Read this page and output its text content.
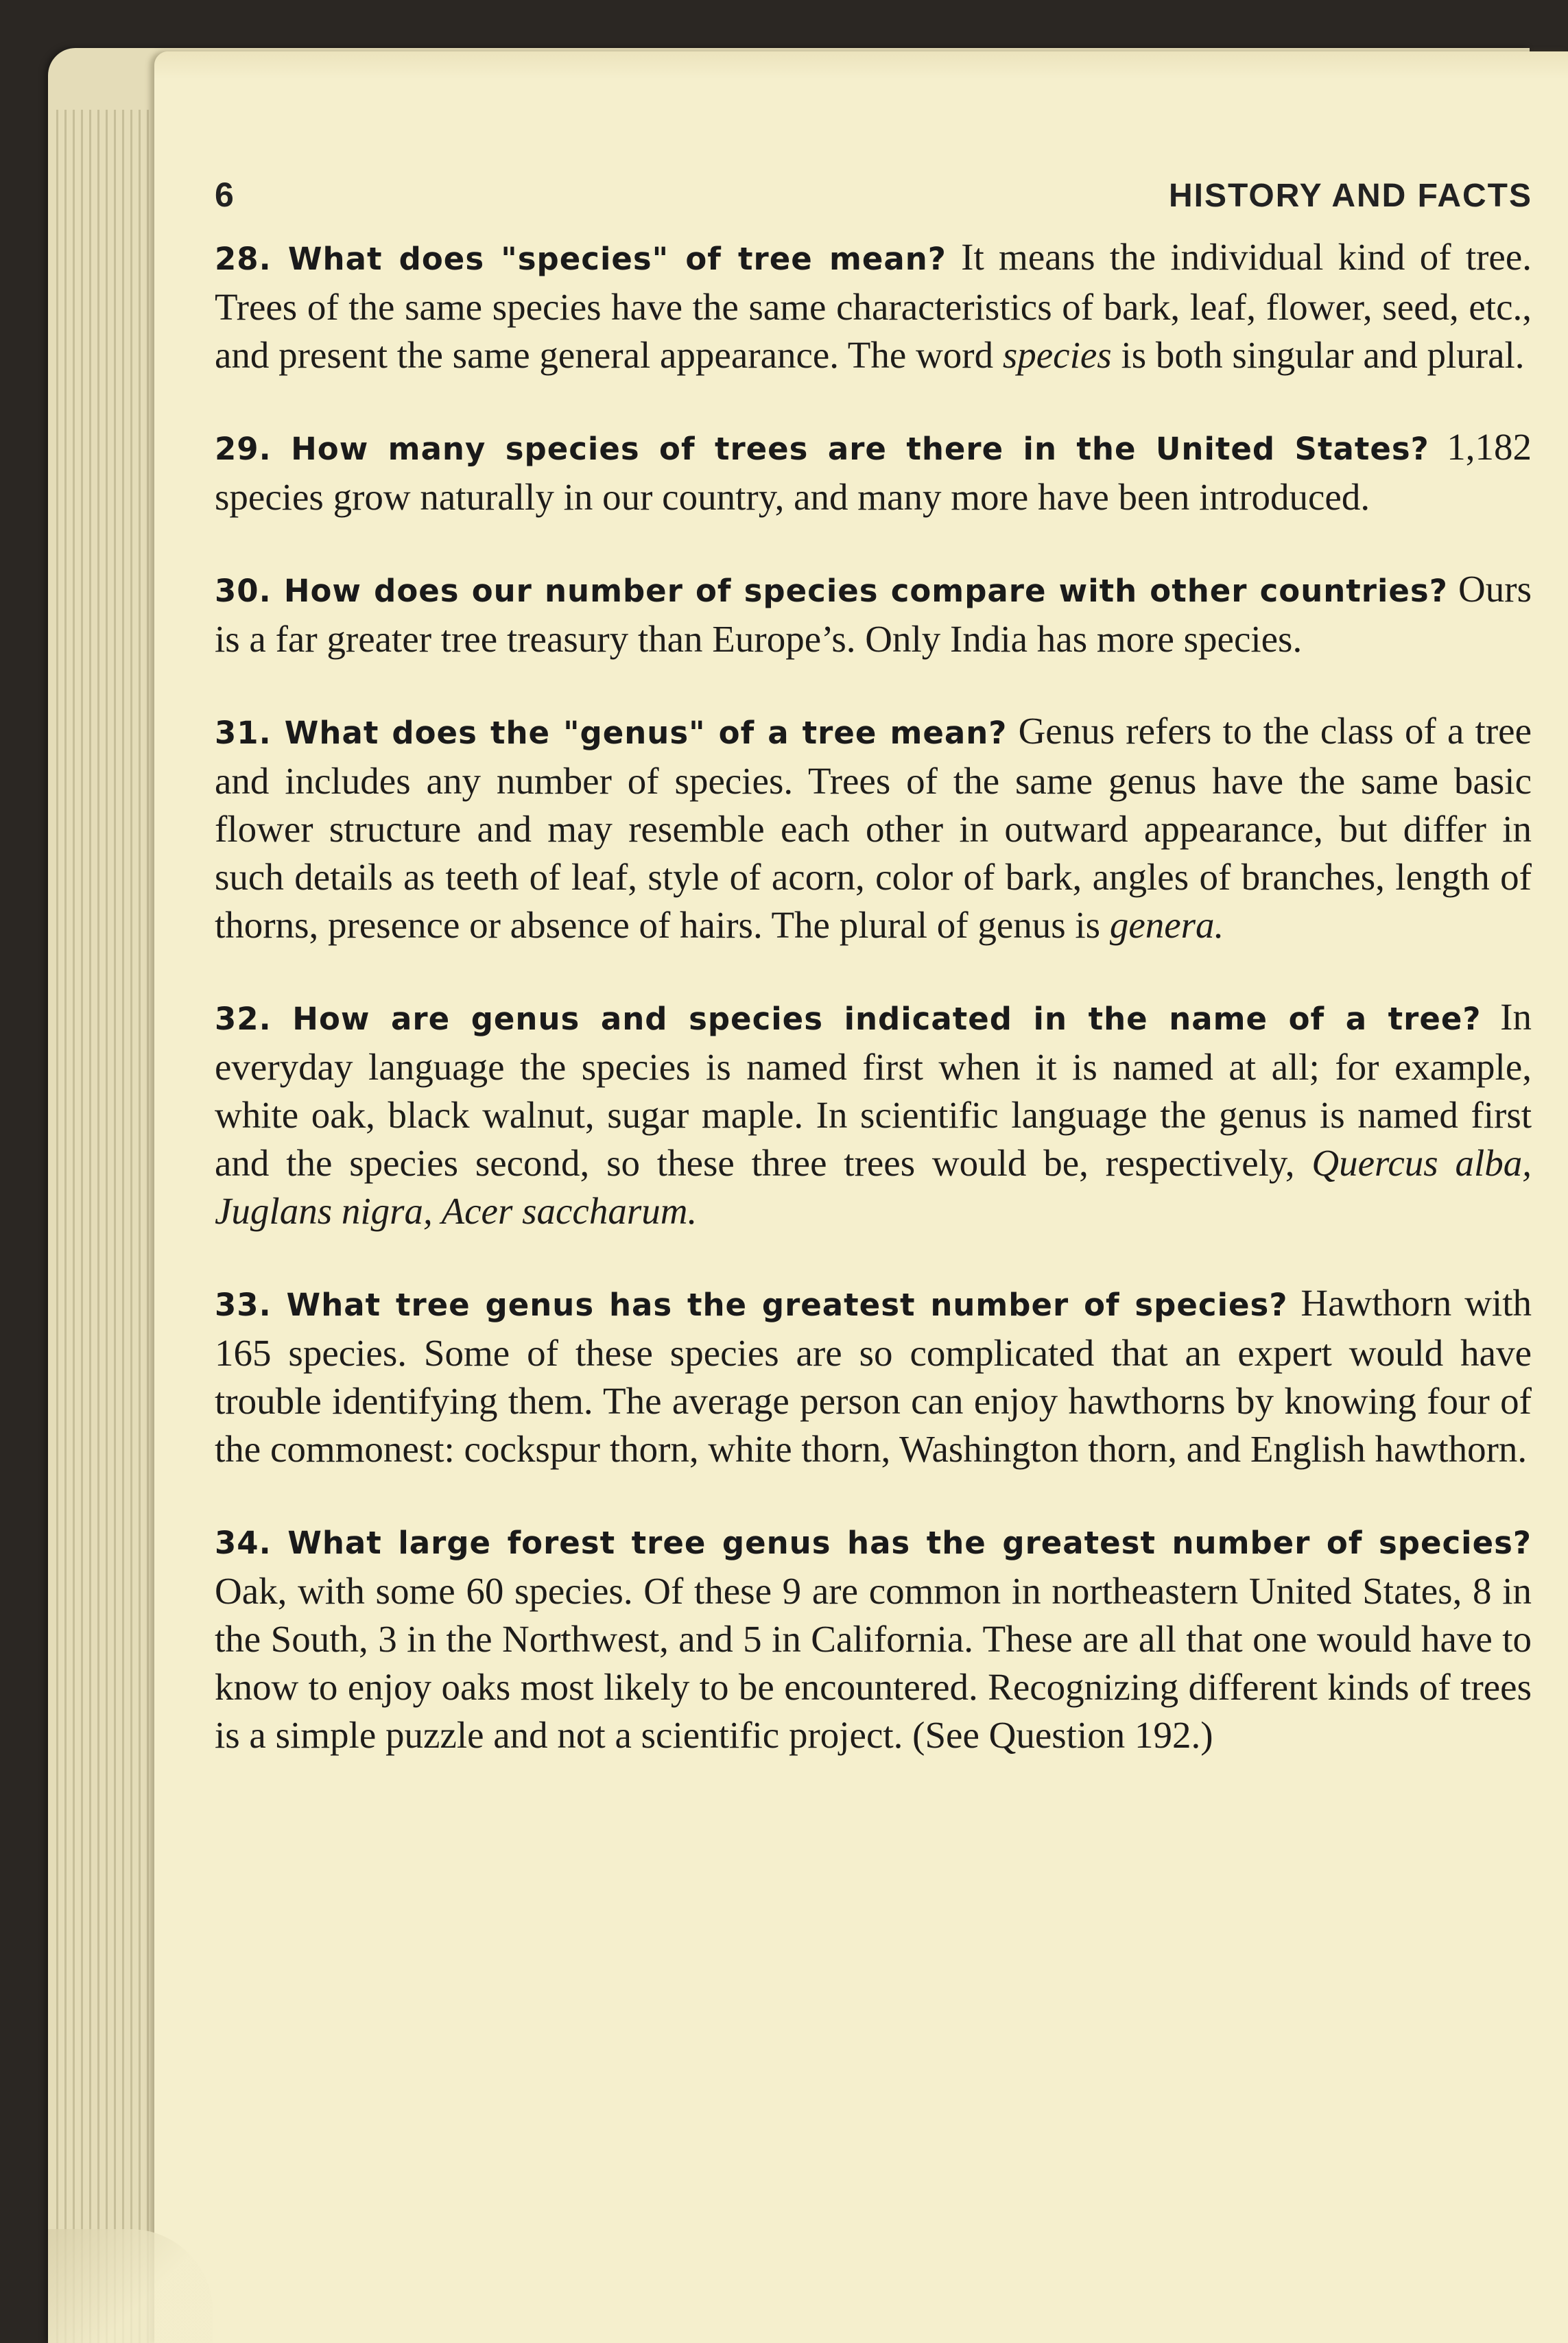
6	HISTORY AND FACTS

28. What does "species" of tree mean? It means the individual kind of tree. Trees of the same species have the same characteristics of bark, leaf, flower, seed, etc., and present the same general appearance. The word species is both singular and plural.

29. How many species of trees are there in the United States? 1,182 species grow naturally in our country, and many more have been introduced.

30. How does our number of species compare with other countries? Ours is a far greater tree treasury than Europe’s. Only India has more species.

31. What does the "genus" of a tree mean? Genus refers to the class of a tree and includes any number of species. Trees of the same genus have the same basic flower structure and may resemble each other in outward appearance, but differ in such details as teeth of leaf, style of acorn, color of bark, angles of branches, length of thorns, presence or absence of hairs. The plural of genus is genera.

32. How are genus and species indicated in the name of a tree? In everyday language the species is named first when it is named at all; for example, white oak, black walnut, sugar maple. In scientific language the genus is named first and the species second, so these three trees would be, respectively, Quercus alba, Juglans nigra, Acer saccharum.

33. What tree genus has the greatest number of species? Hawthorn with 165 species. Some of these species are so complicated that an expert would have trouble identifying them. The average person can enjoy hawthorns by knowing four of the commonest: cockspur thorn, white thorn, Washington thorn, and English hawthorn.

34. What large forest tree genus has the greatest number of species? Oak, with some 60 species. Of these 9 are common in northeastern United States, 8 in the South, 3 in the Northwest, and 5 in California. These are all that one would have to know to enjoy oaks most likely to be encountered. Recognizing different kinds of trees is a simple puzzle and not a scientific project. (See Question 192.)
